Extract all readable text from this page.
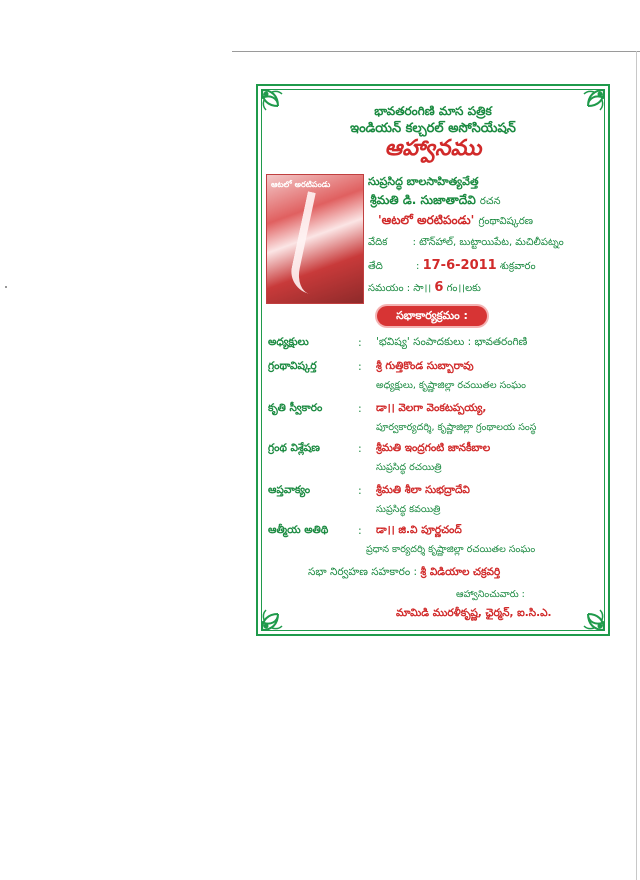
భావతరంగిణి మాస పత్రిక
ఇండియన్ కల్చరల్ అసోసియేషన్
ఆహ్వానము
ఆటలో అరటిపండు	సుప్రసిద్ధ బాలసాహిత్యవేత్త
శ్రీమతి డి. సుజాతాదేవి రచన
'ఆటలో అరటిపండు' గ్రంథావిష్కరణ
వేదిక	: టౌన్‌హాల్, బుట్టాయిపేట, మచిలీపట్నం
తేది	: 17-6-2011 శుక్రవారం
సమయం : సా।। 6 గం।।లకు
సభాకార్యక్రమం :
అధ్యక్షులు	: 'భవిష్య' సంపాదకులు : భావతరంగిణి
గ్రంథావిష్కర్త	: శ్రీ గుత్తికొండ సుబ్బారావు
అధ్యక్షులు, కృష్ణాజిల్లా రచయితల సంఘం
కృతి స్వీకారం	: డా।। వెలగా వెంకటప్పయ్య,
పూర్వకార్యదర్శి, కృష్ణాజిల్లా గ్రంథాలయ సంస్థ
గ్రంథ విశ్లేషణ	: శ్రీమతి ఇంద్రగంటి జానకీబాల
సుప్రసిద్ధ రచయిత్రి
ఆప్తవాక్యం	: శ్రీమతి శీలా సుభద్రాదేవి
సుప్రసిద్ధ కవయిత్రి
ఆత్మీయ అతిథి	: డా।। జి.వి పూర్ణచంద్
ప్రధాన కార్యదర్శి కృష్ణాజిల్లా రచయితల సంఘం
సభా నిర్వహణ సహకారం : శ్రీ విడియాల చక్రవర్తి
ఆహ్వానించువారు :
మామిడి మురళీకృష్ణ, ఛైర్మన్, ఐ.సి.ఎ.
